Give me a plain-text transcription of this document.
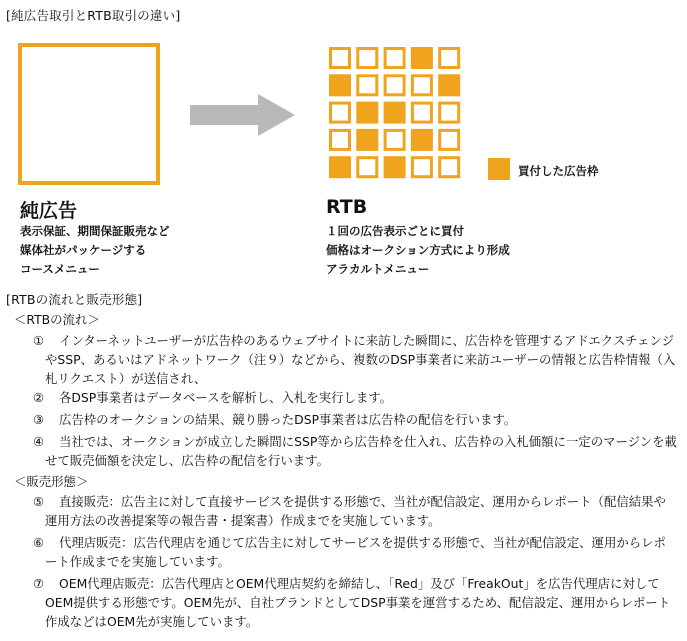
[純広告取引とRTB取引の違い]
買付した広告枠
純広告
表示保証、期間保証販売など
媒体社がパッケージする
コースメニュー
RTB
１回の広告表示ごとに買付
価格はオークション方式により形成
アラカルトメニュー
[RTBの流れと販売形態]
＜RTBの流れ＞
①	インターネットユーザーが広告枠のあるウェブサイトに来訪した瞬間に、広告枠を管理するアドエクスチェンジやSSP、あるいはアドネットワーク（注９）などから、複数のDSP事業者に来訪ユーザーの情報と広告枠情報（入札リクエスト）が送信され、
②	各DSP事業者はデータベースを解析し、入札を実行します。
③	広告枠のオークションの結果、競り勝ったDSP事業者は広告枠の配信を行います。
④	当社では、オークションが成立した瞬間にSSP等から広告枠を仕入れ、広告枠の入札価額に一定のマージンを載せて販売価額を決定し、広告枠の配信を行います。
＜販売形態＞
⑤	直接販売：広告主に対して直接サービスを提供する形態で、当社が配信設定、運用からレポート（配信結果や運用方法の改善提案等の報告書・提案書）作成までを実施しています。
⑥	代理店販売：広告代理店を通じて広告主に対してサービスを提供する形態で、当社が配信設定、運用からレポート作成までを実施しています。
⑦	OEM代理店販売：広告代理店とOEM代理店契約を締結し、「Red」及び「FreakOut」を広告代理店に対してOEM提供する形態です。OEM先が、自社ブランドとしてDSP事業を運営するため、配信設定、運用からレポート作成などはOEM先が実施しています。
